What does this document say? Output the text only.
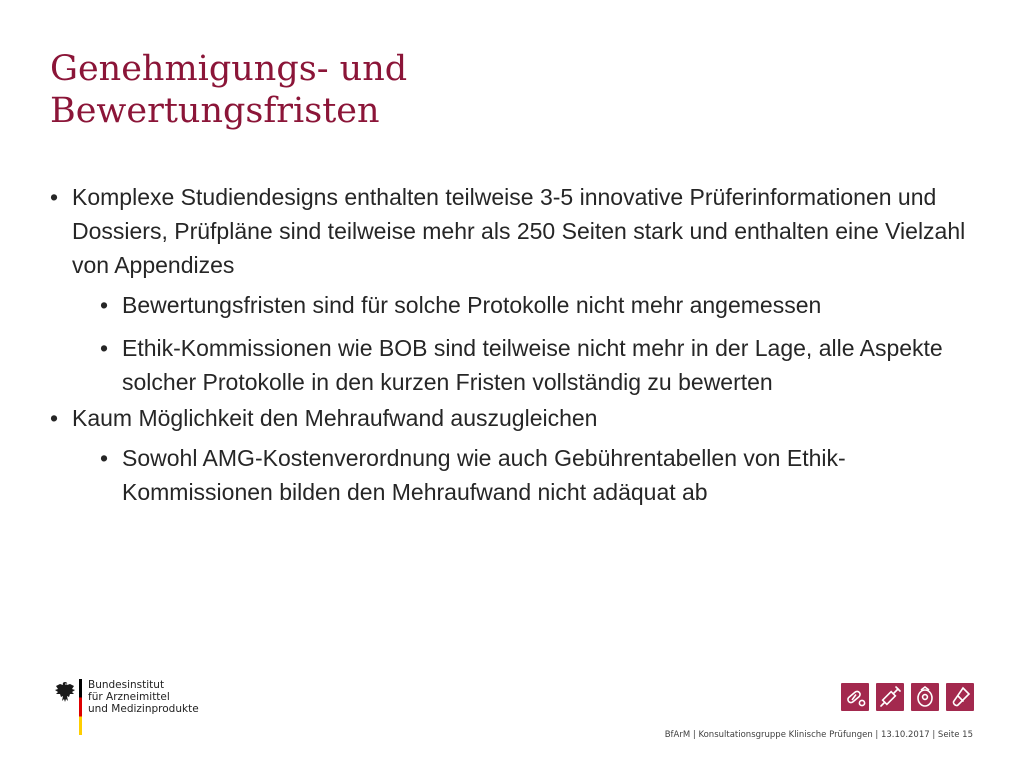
Genehmigungs- und
Bewertungsfristen
• Komplexe Studiendesigns enthalten teilweise 3-5 innovative Prüferinformationen und Dossiers, Prüfpläne sind teilweise mehr als 250 Seiten stark und enthalten eine Vielzahl von Appendizes
• Bewertungsfristen sind für solche Protokolle nicht mehr angemessen
• Ethik-Kommissionen wie BOB sind teilweise nicht mehr in der Lage, alle Aspekte solcher Protokolle in den kurzen Fristen vollständig zu bewerten
• Kaum Möglichkeit den Mehraufwand auszugleichen
• Sowohl AMG-Kostenverordnung wie auch Gebührentabellen von Ethik-Kommissionen bilden den Mehraufwand nicht adäquat ab
Bundesinstitut
für Arzneimittel
und Medizinprodukte

BfArM | Konsultationsgruppe Klinische Prüfungen | 13.10.2017 | Seite 15
